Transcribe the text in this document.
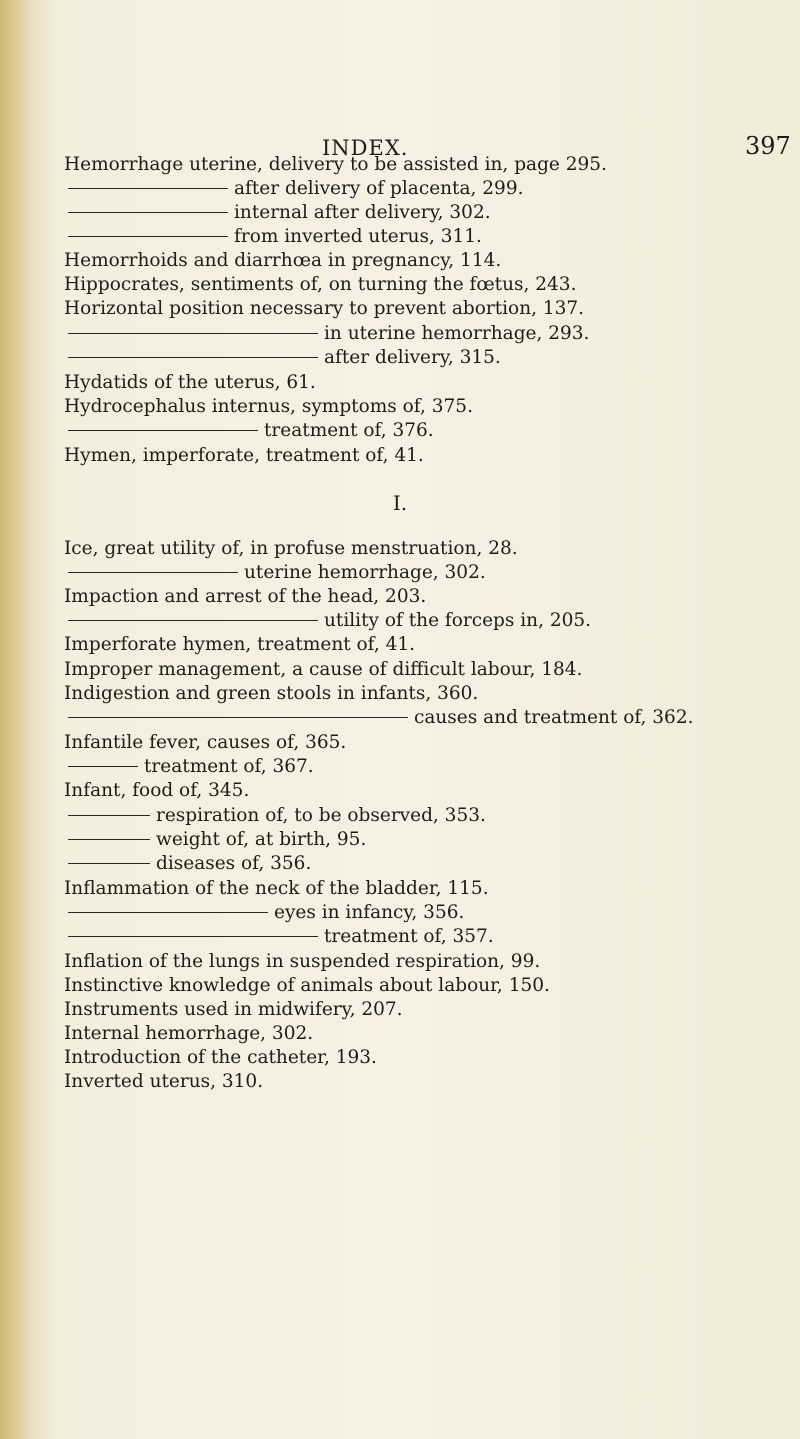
INDEX.	397
Hemorrhage uterine, delivery to be assisted in, page 295.
after delivery of placenta, 299.
internal after delivery, 302.
from inverted uterus, 311.
Hemorrhoids and diarrhœa in pregnancy, 114.
Hippocrates, sentiments of, on turning the fœtus, 243.
Horizontal position necessary to prevent abortion, 137.
in uterine hemorrhage, 293.
after delivery, 315.
Hydatids of the uterus, 61.
Hydrocephalus internus, symptoms of, 375.
treatment of, 376.
Hymen, imperforate, treatment of, 41.
I.
Ice, great utility of, in profuse menstruation, 28.
uterine hemorrhage, 302.
Impaction and arrest of the head, 203.
utility of the forceps in, 205.
Imperforate hymen, treatment of, 41.
Improper management, a cause of difficult labour, 184.
Indigestion and green stools in infants, 360.
causes and treatment of, 362.
Infantile fever, causes of, 365.
treatment of, 367.
Infant, food of, 345.
respiration of, to be observed, 353.
weight of, at birth, 95.
diseases of, 356.
Inflammation of the neck of the bladder, 115.
eyes in infancy, 356.
treatment of, 357.
Inflation of the lungs in suspended respiration, 99.
Instinctive knowledge of animals about labour, 150.
Instruments used in midwifery, 207.
Internal hemorrhage, 302.
Introduction of the catheter, 193.
Inverted uterus, 310.
